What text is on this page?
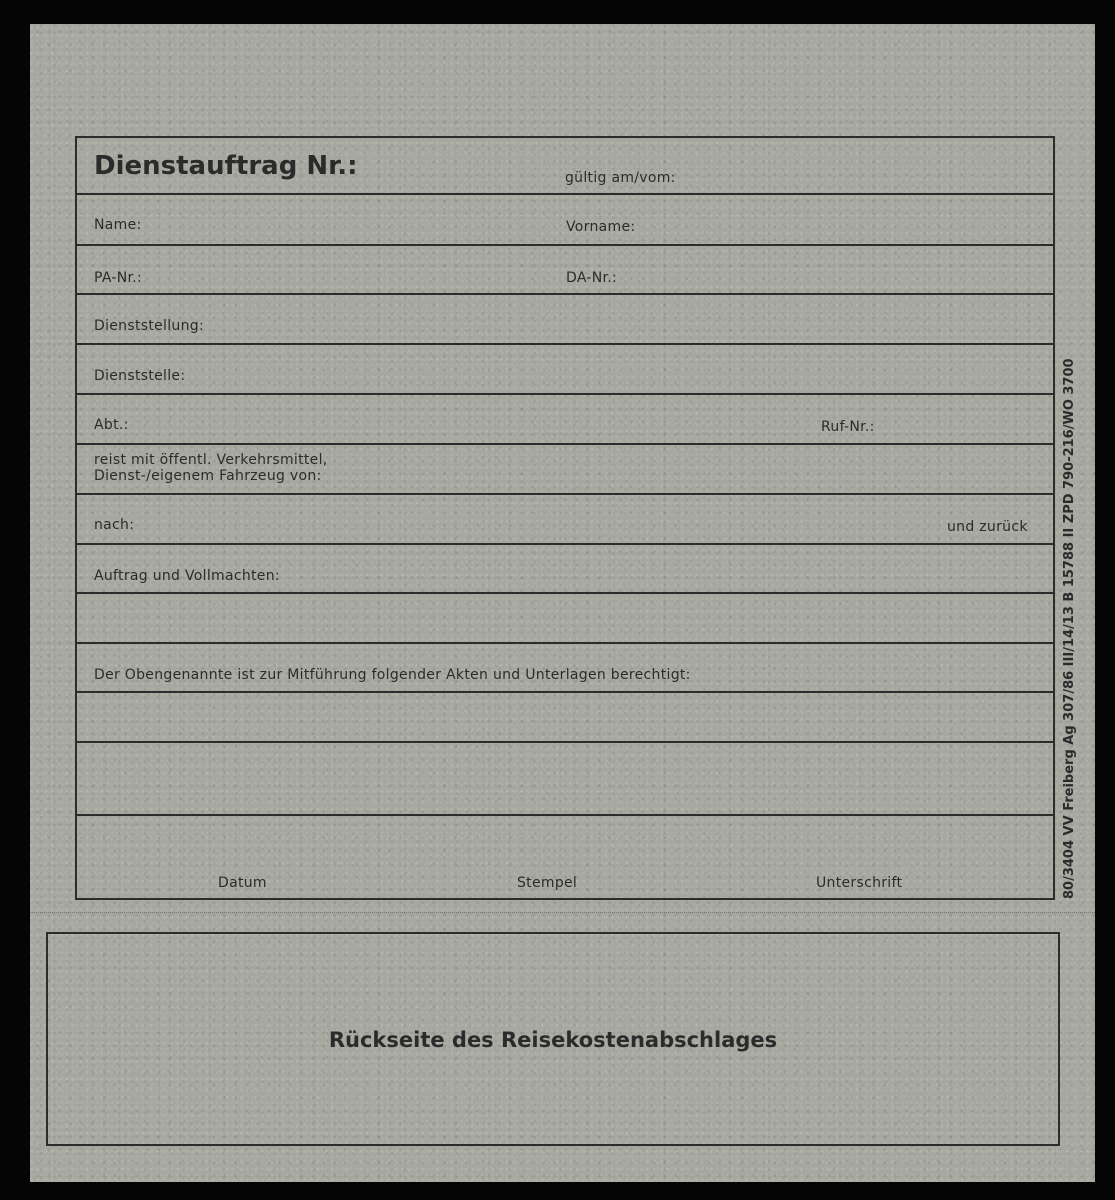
Dienstauftrag Nr.:	gültig am/vom:
Name:	Vorname:
PA-Nr.:	DA-Nr.:
Dienststellung:
Dienststelle:
Abt.:	Ruf-Nr.:
reist mit öffentl. Verkehrsmittel,
Dienst-/eigenem Fahrzeug von:
nach:	und zurück
Auftrag und Vollmachten:
Der Obengenannte ist zur Mitführung folgender Akten und Unterlagen berechtigt:
Datum	Stempel	Unterschrift	80/3404 VV Freiberg Ag 307/86 III/14/13 B 15788 II ZPD 790-216/WO 3700
Rückseite des Reisekostenabschlages
